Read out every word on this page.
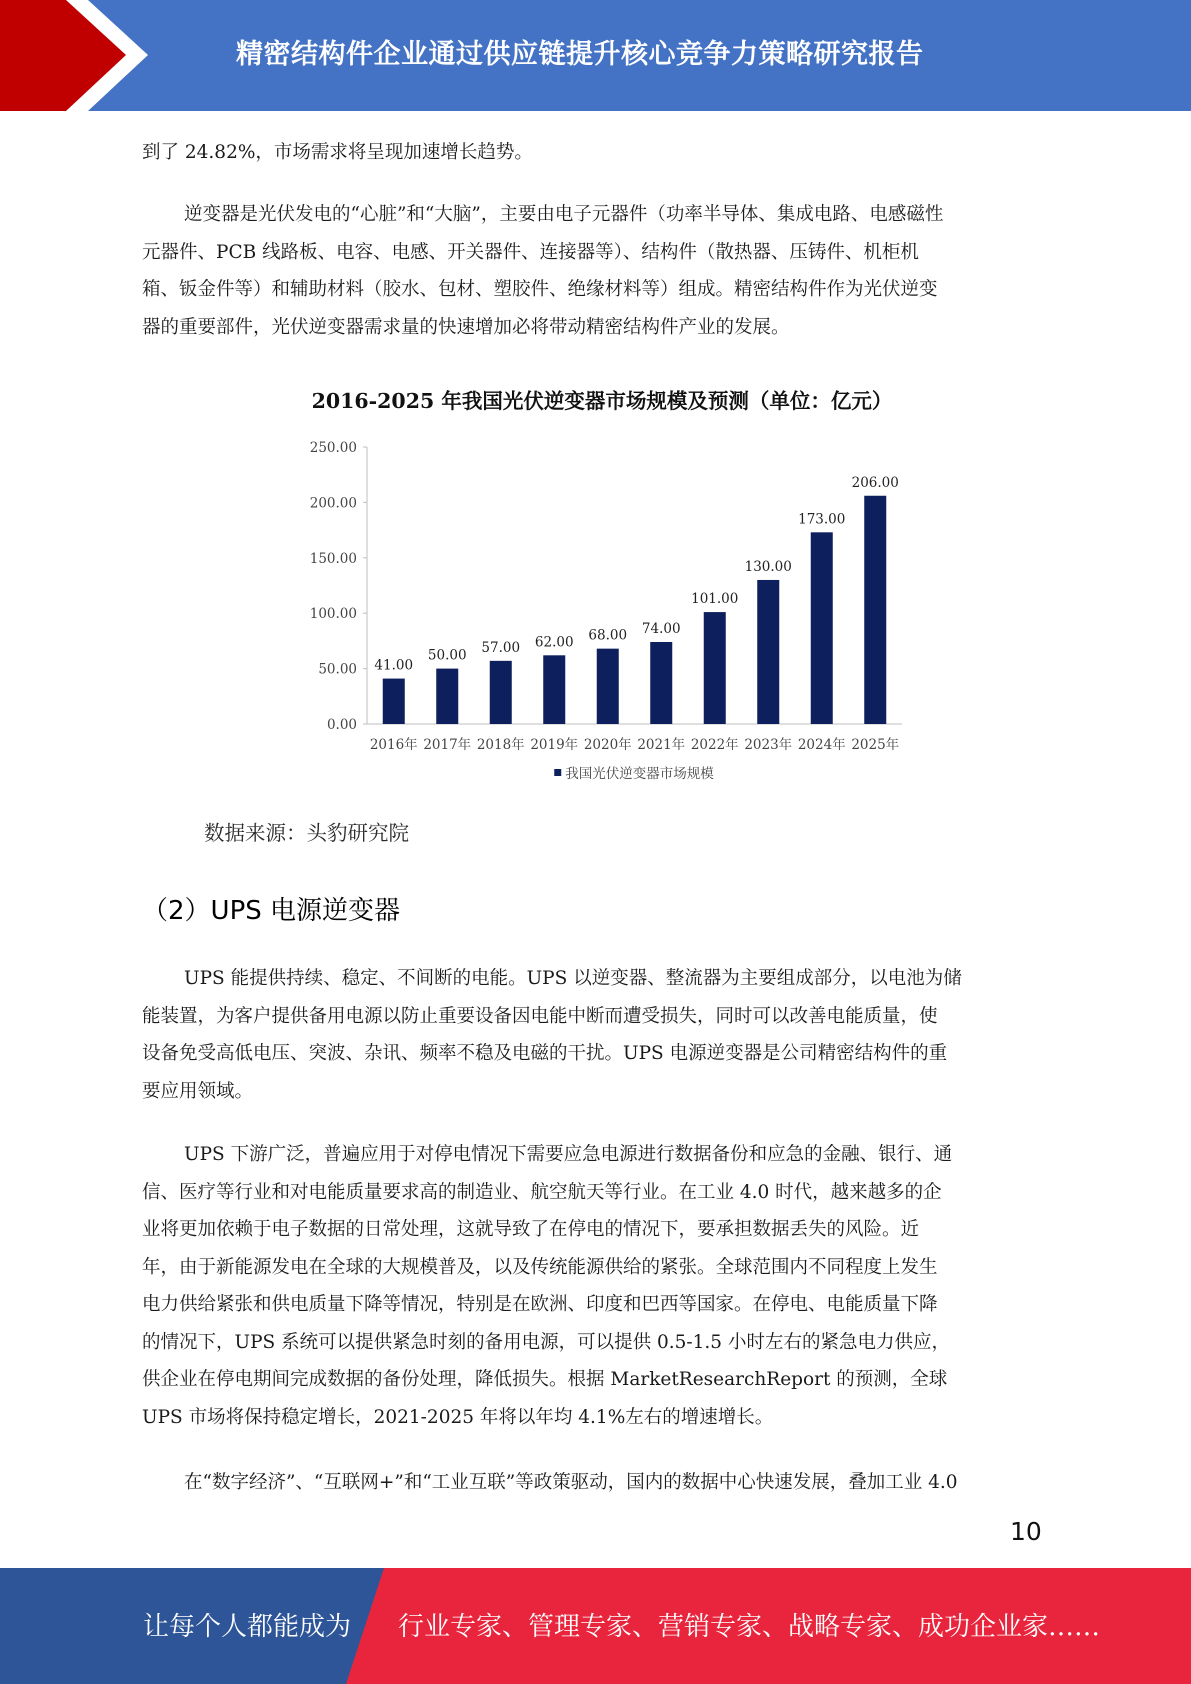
精密结构件企业通过供应链提升核心竞争力策略研究报告
到了 24.82%，市场需求将呈现加速增长趋势。
逆变器是光伏发电的“心脏”和“大脑”，主要由电子元器件（功率半导体、集成电路、电感磁性
元器件、PCB 线路板、电容、电感、开关器件、连接器等）、结构件（散热器、压铸件、机柜机
箱、钣金件等）和辅助材料（胶水、包材、塑胶件、绝缘材料等）组成。精密结构件作为光伏逆变
器的重要部件，光伏逆变器需求量的快速增加必将带动精密结构件产业的发展。
2016-2025 年我国光伏逆变器市场规模及预测（单位：亿元）
0.00
50.00
100.00
150.00
200.00
250.00
41.00
2016年
50.00
2017年
57.00
2018年
62.00
2019年
68.00
2020年
74.00
2021年
101.00
2022年
130.00
2023年
173.00
2024年
206.00
2025年
我国光伏逆变器市场规模
数据来源：头豹研究院
（2）UPS 电源逆变器
UPS 能提供持续、稳定、不间断的电能。UPS 以逆变器、整流器为主要组成部分，以电池为储
能装置，为客户提供备用电源以防止重要设备因电能中断而遭受损失，同时可以改善电能质量，使
设备免受高低电压、突波、杂讯、频率不稳及电磁的干扰。UPS 电源逆变器是公司精密结构件的重
要应用领域。
UPS 下游广泛，普遍应用于对停电情况下需要应急电源进行数据备份和应急的金融、银行、通
信、医疗等行业和对电能质量要求高的制造业、航空航天等行业。在工业 4.0 时代，越来越多的企
业将更加依赖于电子数据的日常处理，这就导致了在停电的情况下，要承担数据丢失的风险。近
年，由于新能源发电在全球的大规模普及，以及传统能源供给的紧张。全球范围内不同程度上发生
电力供给紧张和供电质量下降等情况，特别是在欧洲、印度和巴西等国家。在停电、电能质量下降
的情况下，UPS 系统可以提供紧急时刻的备用电源，可以提供 0.5-1.5 小时左右的紧急电力供应，
供企业在停电期间完成数据的备份处理，降低损失。根据 MarketResearchReport 的预测，全球
UPS 市场将保持稳定增长，2021-2025 年将以年均 4.1%左右的增速增长。
在“数字经济”、“互联网+”和“工业互联”等政策驱动，国内的数据中心快速发展，叠加工业 4.0
10
让每个人都能成为 行业专家、管理专家、营销专家、战略专家、成功企业家……
